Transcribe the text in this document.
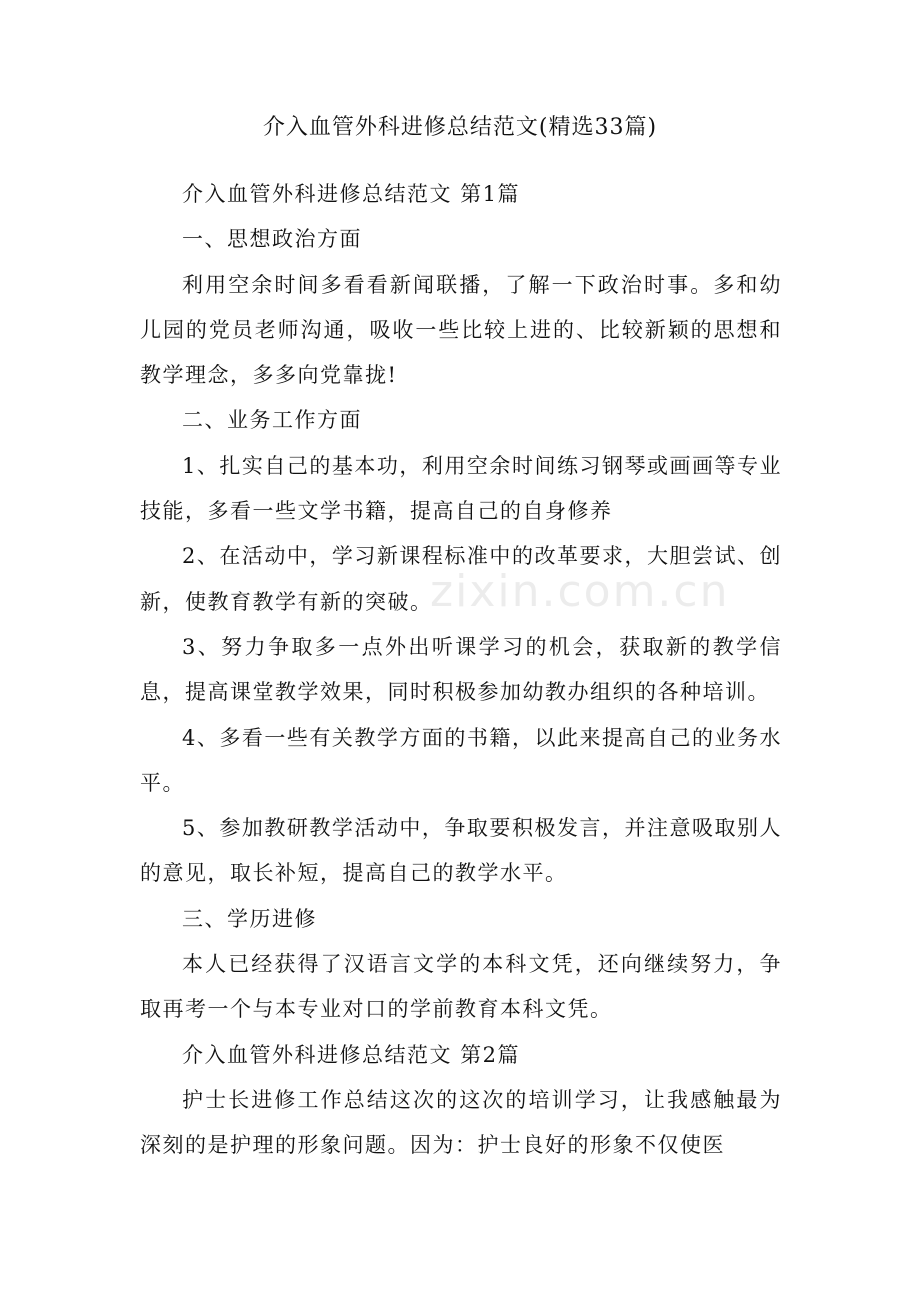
介入血管外科进修总结范文(精选33篇)

介入血管外科进修总结范文 第1篇

一、思想政治方面

利用空余时间多看看新闻联播，了解一下政治时事。多和幼儿园的党员老师沟通，吸收一些比较上进的、比较新颖的思想和教学理念，多多向党靠拢!

二、业务工作方面

1、扎实自己的基本功，利用空余时间练习钢琴或画画等专业技能，多看一些文学书籍，提高自己的自身修养

2、在活动中，学习新课程标准中的改革要求，大胆尝试、创新，使教育教学有新的突破。

3、努力争取多一点外出听课学习的机会，获取新的教学信息，提高课堂教学效果，同时积极参加幼教办组织的各种培训。

4、多看一些有关教学方面的书籍，以此来提高自己的业务水平。

5、参加教研教学活动中，争取要积极发言，并注意吸取别人的意见，取长补短，提高自己的教学水平。

三、学历进修

本人已经获得了汉语言文学的本科文凭，还向继续努力，争取再考一个与本专业对口的学前教育本科文凭。

介入血管外科进修总结范文 第2篇

护士长进修工作总结这次的这次的培训学习，让我感触最为深刻的是护理的形象问题。因为：护士良好的形象不仅使医

zixin.com.cn
